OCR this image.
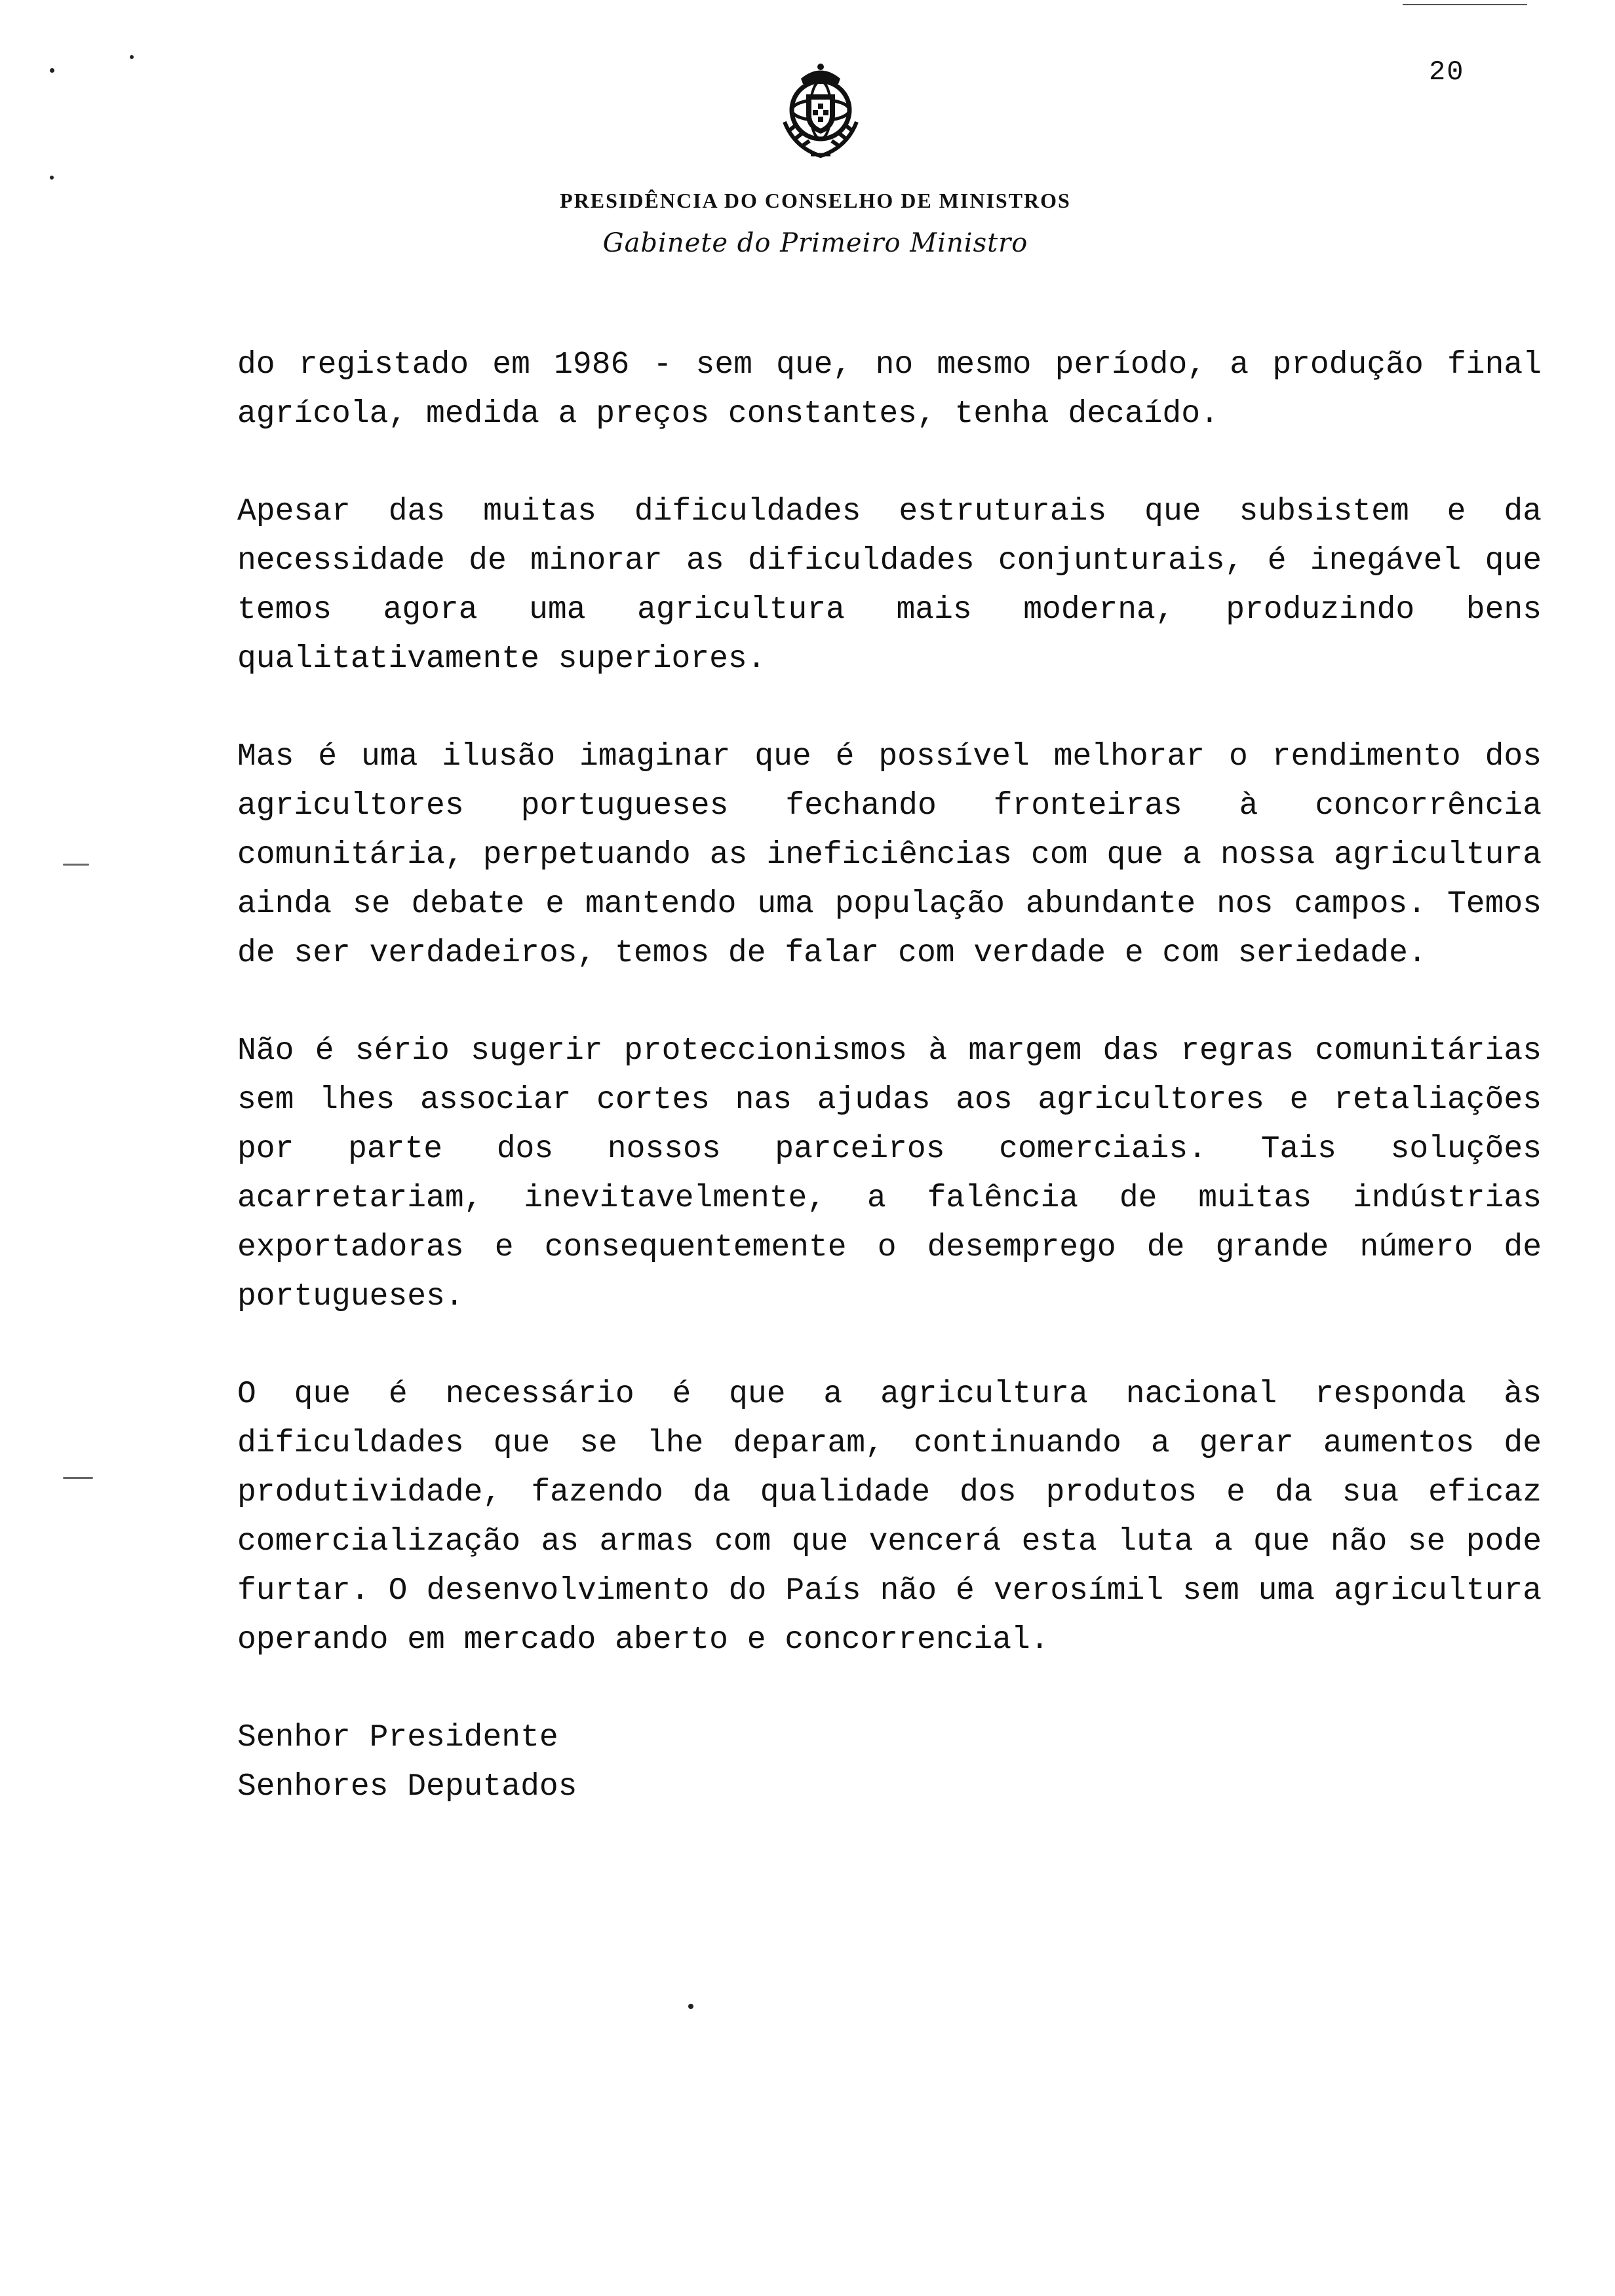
20
PRESIDÊNCIA DO CONSELHO DE MINISTROS
Gabinete do Primeiro Ministro

do registado em 1986 - sem que, no mesmo período, a produção final agrícola, medida a preços constantes, tenha decaído.

Apesar das muitas dificuldades estruturais que subsistem e da necessidade de minorar as dificuldades conjunturais, é inegável que temos agora uma agricultura mais moderna, produzindo bens qualitativamente superiores.

Mas é uma ilusão imaginar que é possível melhorar o rendimento dos agricultores portugueses fechando fronteiras à concorrência comunitária, perpetuando as ineficiências com que a nossa agricultura ainda se debate e mantendo uma população abundante nos campos. Temos de ser verdadeiros, temos de falar com verdade e com seriedade.

Não é sério sugerir proteccionismos à margem das regras comunitárias sem lhes associar cortes nas ajudas aos agricultores e retaliações por parte dos nossos parceiros comerciais. Tais soluções acarretariam, inevitavelmente, a falência de muitas indústrias exportadoras e consequentemente o desemprego de grande número de portugueses.

O que é necessário é que a agricultura nacional responda às dificuldades que se lhe deparam, continuando a gerar aumentos de produtividade, fazendo da qualidade dos produtos e da sua eficaz comercialização as armas com que vencerá esta luta a que não se pode furtar. O desenvolvimento do País não é verosímil sem uma agricultura operando em mercado aberto e concorrencial.

Senhor Presidente

Senhores Deputados
